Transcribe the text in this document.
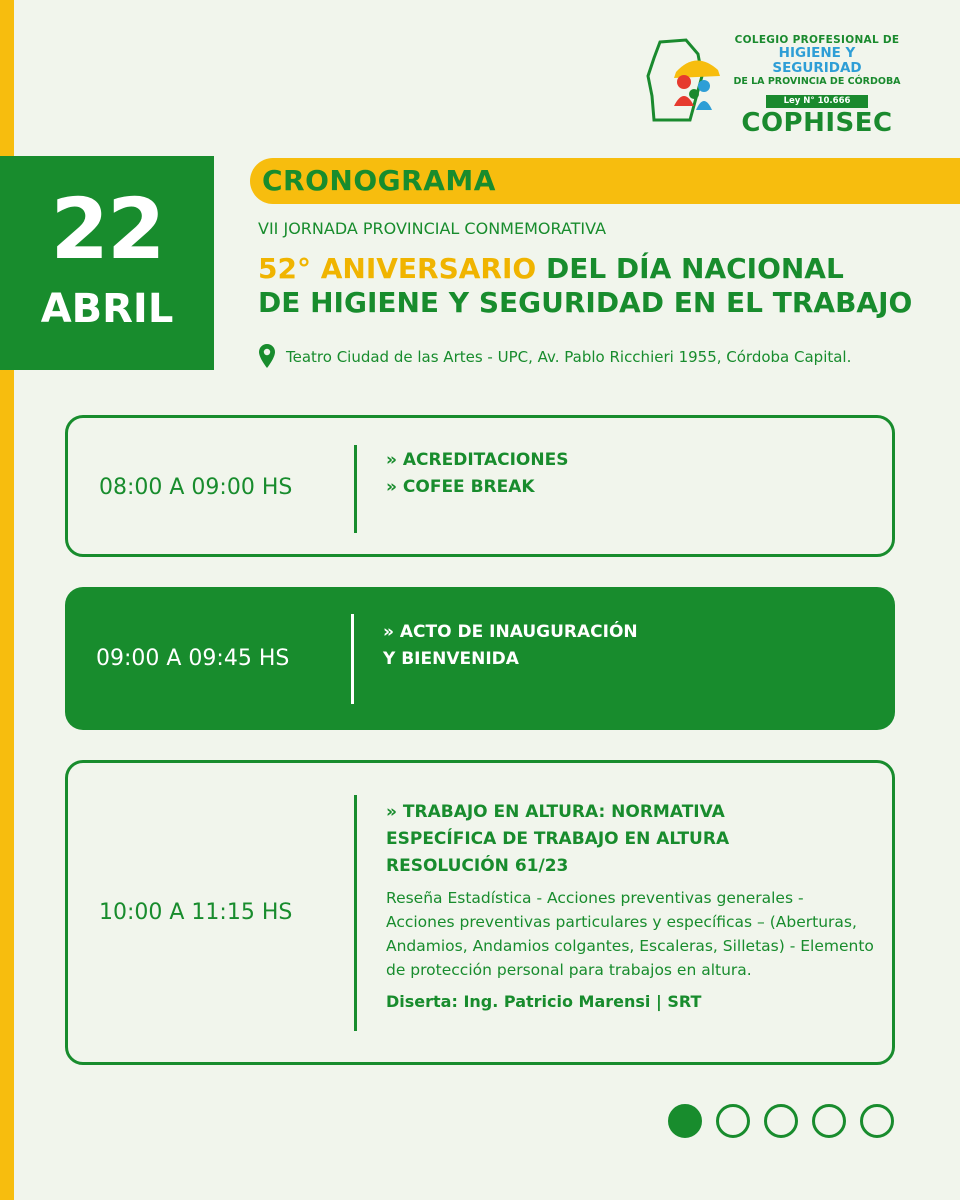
COLEGIO PROFESIONAL DE
HIGIENE Y SEGURIDAD
DE LA PROVINCIA DE CÓRDOBA
Ley N° 10.666
COPHISEC
22
ABRIL
CRONOGRAMA
VII JORNADA PROVINCIAL CONMEMORATIVA
52° ANIVERSARIO DEL DÍA NACIONAL
DE HIGIENE Y SEGURIDAD EN EL TRABAJO
Teatro Ciudad de las Artes - UPC, Av. Pablo Ricchieri 1955, Córdoba Capital.
08:00 A 09:00 HS
» ACREDITACIONES
» COFEE BREAK
09:00 A 09:45 HS
» ACTO DE INAUGURACIÓN
Y BIENVENIDA
10:00 A 11:15 HS
» TRABAJO EN ALTURA: NORMATIVA
ESPECÍFICA DE TRABAJO EN ALTURA
RESOLUCIÓN 61/23
Reseña Estadística - Acciones preventivas generales - Acciones preventivas particulares y específicas – (Aberturas, Andamios, Andamios colgantes, Escaleras, Silletas) - Elemento de protección personal para trabajos en altura.
Diserta: Ing. Patricio Marensi | SRT
